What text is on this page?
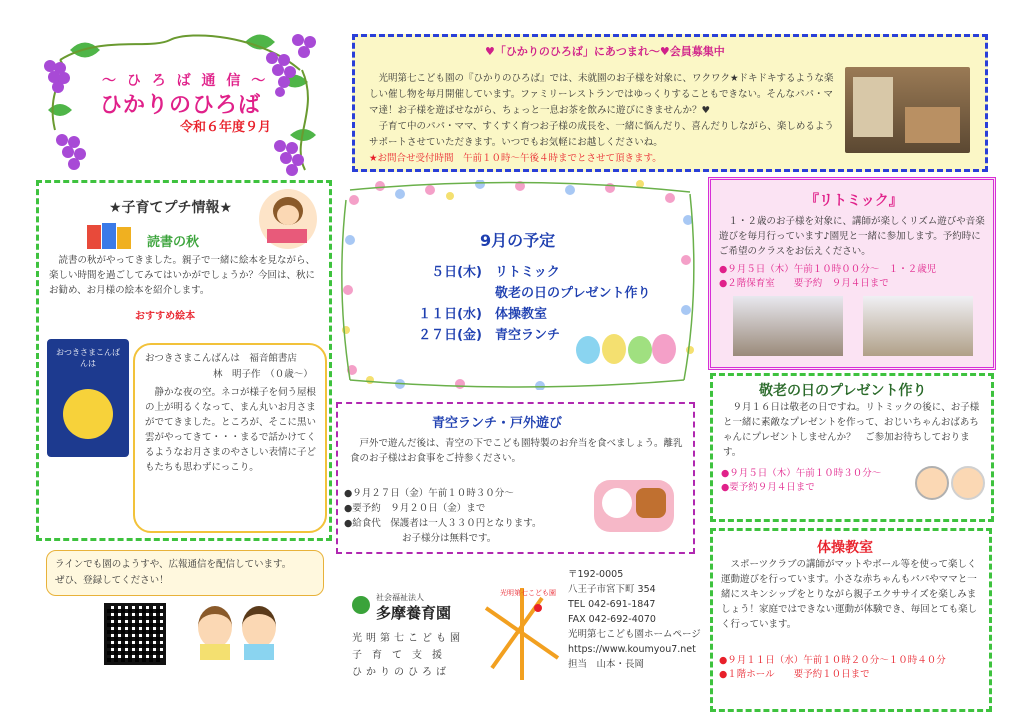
～ ひ ろ ば 通 信 ～
ひかりのひろば
令和６年度９月
♥「ひかりのひろば」にあつまれ～♥会員募集中
光明第七こども園の『ひかりのひろば』では、未就園のお子様を対象に、ワクワク★ドキドキするような楽しい催し物を毎月開催しています。ファミリーレストランではゆっくりすることもできない。そんなパパ・ママ達！お子様を遊ばせながら、ちょっと一息お茶を飲みに遊びにきませんか？♥
子育て中のパパ・ママ、すくすく育つお子様の成長を、一緒に悩んだり、喜んだりしながら、楽しめるようサポートさせていただきます。いつでもお気軽にお越しくださいね。
★お問合せ受付時間　午前１０時～午後４時までとさせて頂きます。
★子育てプチ情報★
読書の秋
読書の秋がやってきました。親子で一緒に絵本を見ながら、楽しい時間を過ごしてみてはいかがでしょうか？今回は、秋にお勧め、お月様の絵本を紹介します。
おすすめ絵本
おつきさまこんばんは	おつきさまこんばんは　福音館書店
林　明子作　（０歳～）
静かな夜の空。ネコが様子を伺う屋根の上が明るくなって、まん丸いお月さまがでてきました。ところが、そこに黒い雲がやってきて・・・まるで話かけてくるようなお月さまのやさしい表情に子どもたちも思わずにっこり。
9月の予定
５日(木)　 リトミック
　敬老の日のプレゼント作り
１１日(水)　 体操教室
２７日(金)　 青空ランチ
『リトミック』
１・２歳のお子様を対象に、講師が楽しくリズム遊びや音楽遊びを毎月行っています♪園児と一緒に参加します。予約時にご希望のクラスをお伝えください。
●９月５日（木）午前１０時００分～　１・２歳児
●２階保育室　　要予約　９月４日まで
青空ランチ・戸外遊び
戸外で遊んだ後は、青空の下でこども園特製のお弁当を食べましょう。離乳食のお子様はお食事をご持参ください。
●９月２７日（金）午前１０時３０分～
●要予約　９月２０日（金）まで
●給食代　保護者は一人３３０円となります。
お子様分は無料です。
敬老の日のプレゼント作り
９月１６日は敬老の日ですね。リトミックの後に、お子様と一緒に素敵なプレゼントを作って、おじいちゃんおばあちゃんにプレゼントしませんか？　ご参加お待ちしております。
●９月５日（木）午前１０時３０分～
●要予約９月４日まで
体操教室
スポーツクラブの講師がマットやボール等を使って楽しく運動遊びを行っています。小さな赤ちゃんもパパやママと一緒にスキンシップをとりながら親子エクササイズを楽しみましょう！家庭ではできない運動が体験でき、毎回とても楽しく行っています。
●９月１１日（水）午前１０時２０分～１０時４０分
●１階ホール　　要予約１０日まで
ラインでも園のようすや、広報通信を配信しています。
ぜひ、登録してください！
社会福祉法人
多摩養育園
光明第七こども園
子育て支援
ひかりのひろば
光明第七こども園
〒192-0005
八王子市宮下町 354
TEL 042-691-1847
FAX 042-692-4070
光明第七こども園ホームページ
https://www.koumyou7.net
担当　山本・長岡
